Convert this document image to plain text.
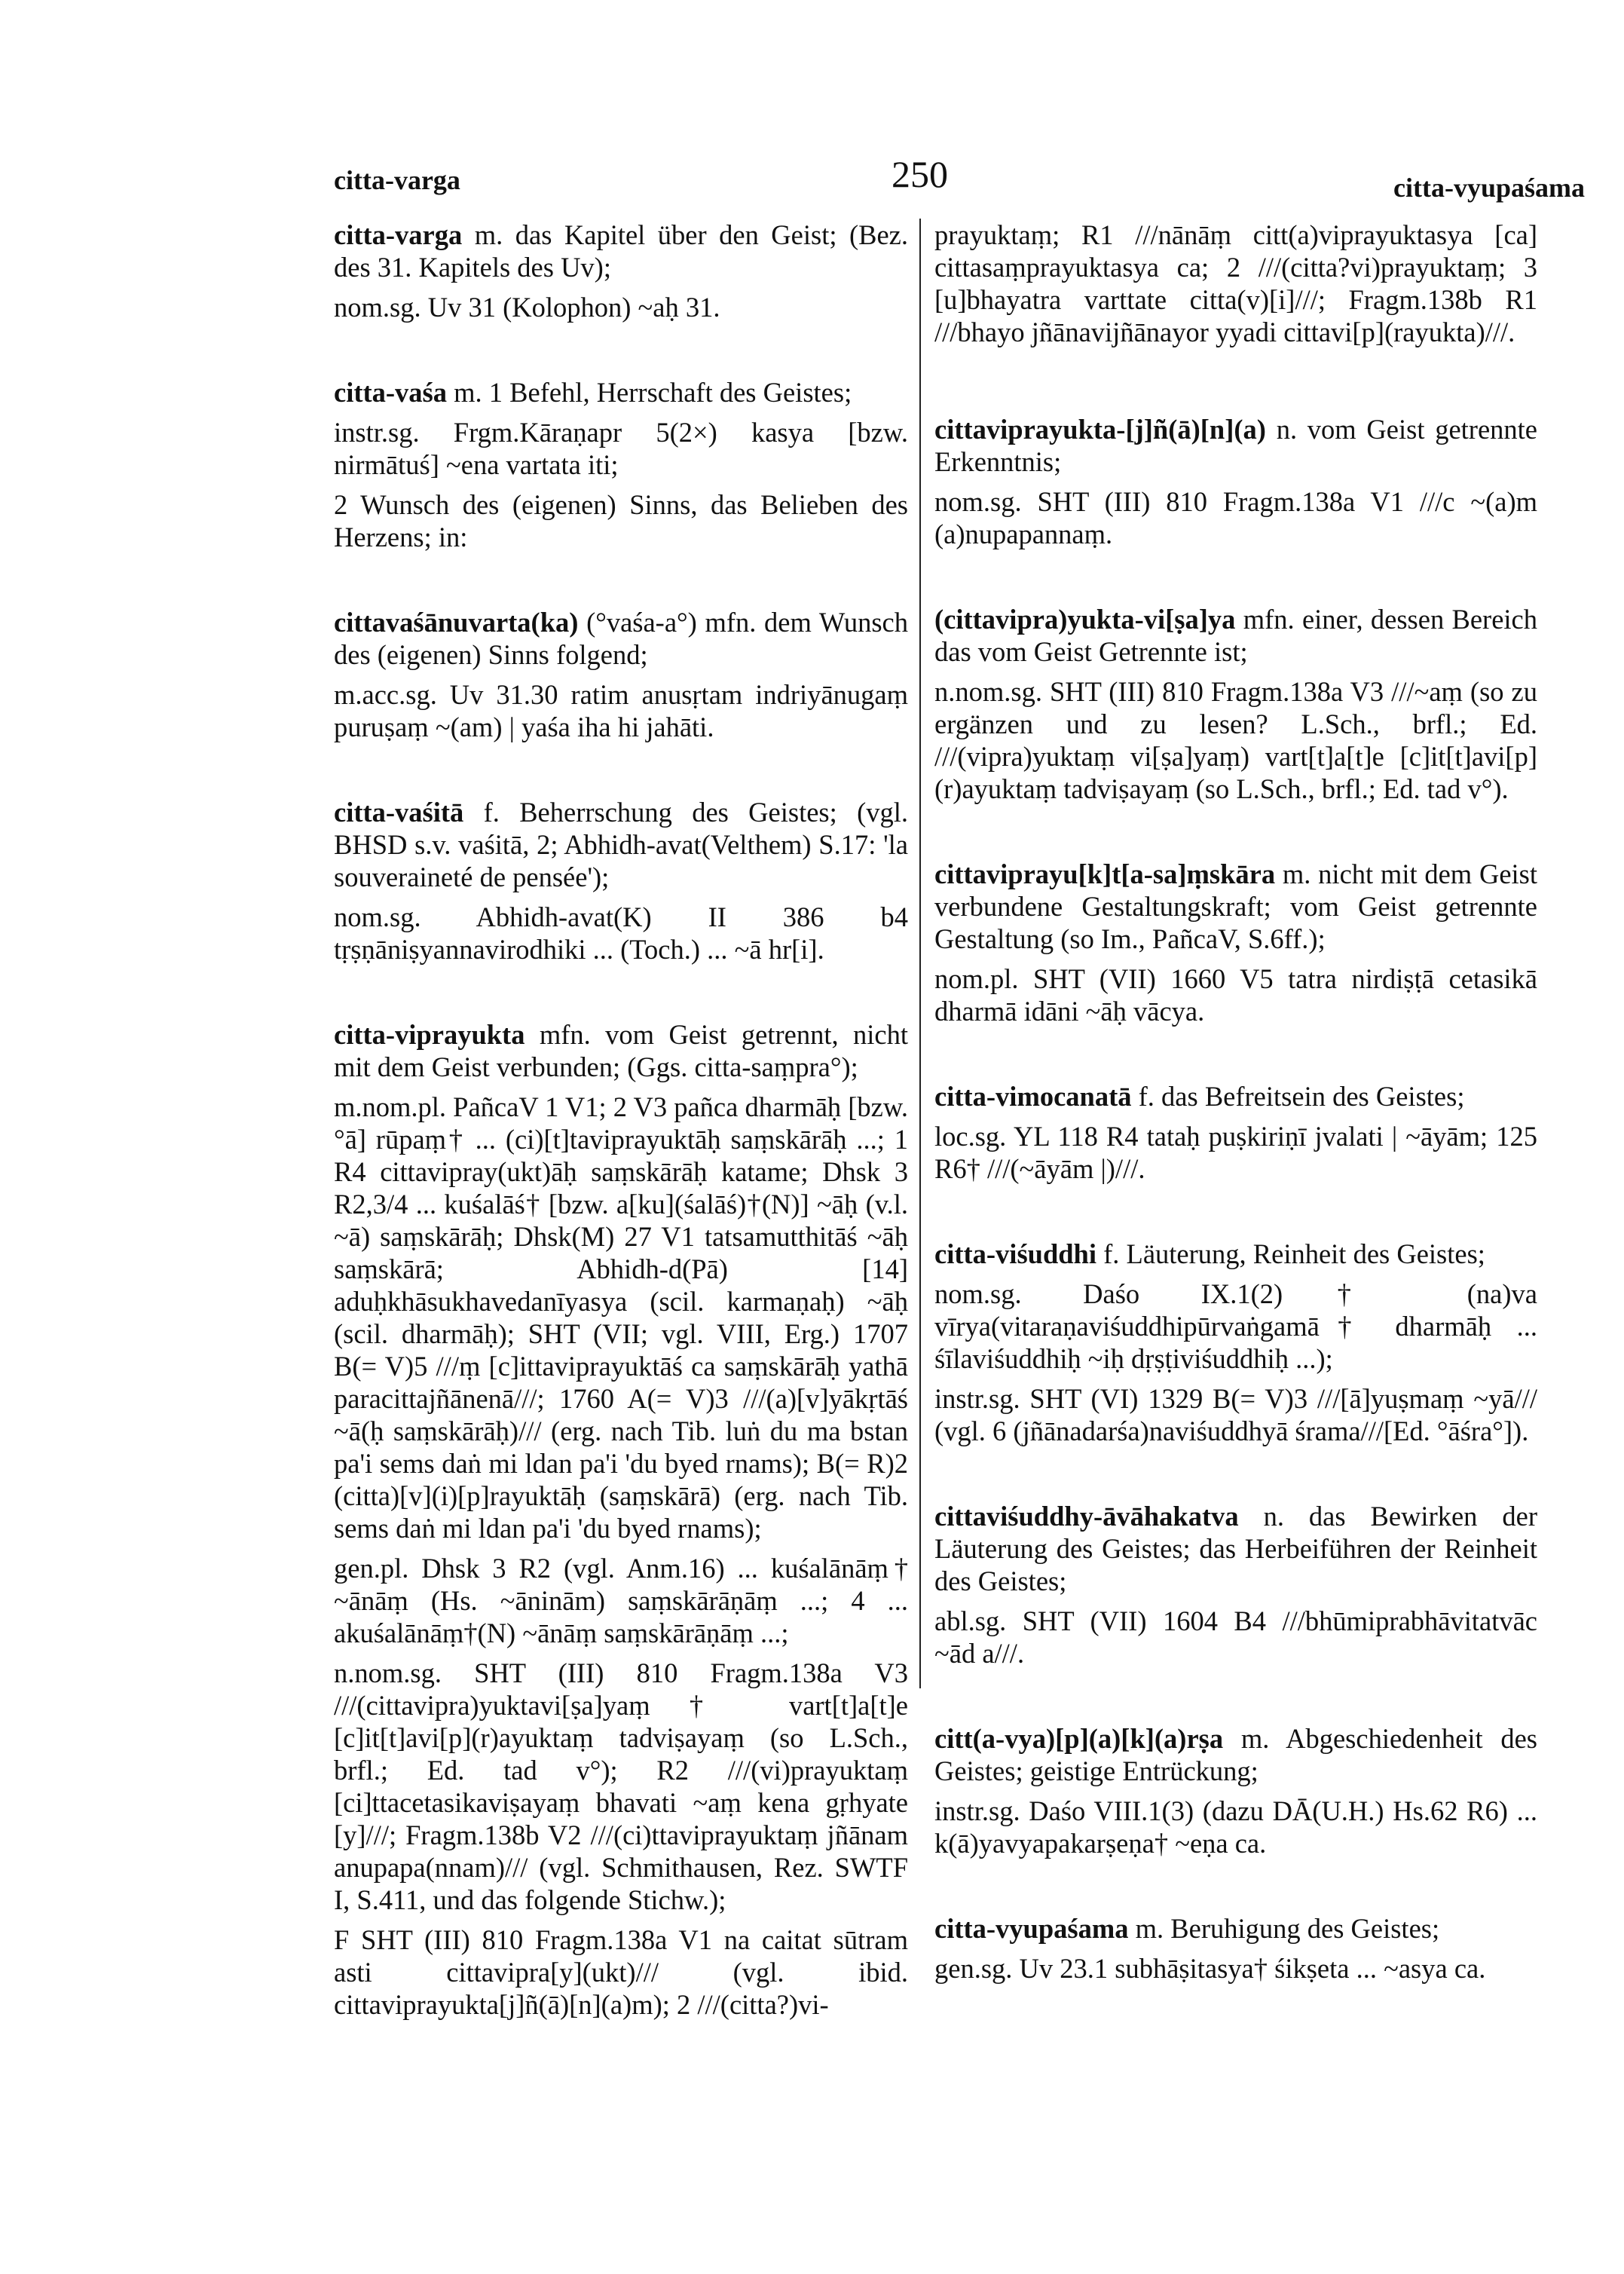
citta-varga	250	citta-vyupaśama

citta-varga m. das Kapitel über den Geist; (Bez. des 31. Kapitels des Uv);

nom.sg. Uv 31 (Kolophon) ~aḥ 31.

citta-vaśa m. 1 Befehl, Herrschaft des Geistes;

instr.sg. Frgm.Kāraṇapr 5(2×) kasya [bzw. nirmātuś] ~ena vartata iti;

2 Wunsch des (eigenen) Sinns, das Belieben des Herzens; in:

cittavaśānuvarta(ka) (°vaśa-a°) mfn. dem Wunsch des (eigenen) Sinns folgend;

m.acc.sg. Uv 31.30 ratim anusṛtam indriyānugaṃ puruṣaṃ ~(am) | yaśa iha hi jahāti.

citta-vaśitā f. Beherrschung des Geistes; (vgl. BHSD s.v. vaśitā, 2; Abhidh-avat(Velthem) S.17: 'la souveraineté de pensée');

nom.sg. Abhidh-avat(K) II 386 b4 tṛṣṇāniṣyannavirodhiki ... (Toch.) ... ~ā hr[i].

citta-viprayukta mfn. vom Geist getrennt, nicht mit dem Geist verbunden; (Ggs. citta-saṃpra°);

m.nom.pl. PañcaV 1 V1; 2 V3 pañca dharmāḥ [bzw. °ā] rūpaṃ† ... (ci)[t]taviprayuktāḥ saṃskārāḥ ...; 1 R4 cittavipray(ukt)āḥ saṃskārāḥ katame; Dhsk 3 R2,3/4 ... kuśalāś† [bzw. a[ku](śalāś)†(N)] ~āḥ (v.l. ~ā) saṃskārāḥ; Dhsk(M) 27 V1 tatsamutthitāś ~āḥ saṃskārā; Abhidh-d(Pā) [14] aduḥkhāsukhavedanīyasya (scil. karmaṇaḥ) ~āḥ (scil. dharmāḥ); SHT (VII; vgl. VIII, Erg.) 1707 B(= V)5 ///ṃ [c]ittaviprayuktāś ca saṃskārāḥ yathā paracittajñānenā///; 1760 A(= V)3 ///(a)[v]yākṛtāś ~ā(ḥ saṃskārāḥ)/// (erg. nach Tib. luṅ du ma bstan pa'i sems daṅ mi ldan pa'i 'du byed rnams); B(= R)2 (citta)[v](i)[p]rayuktāḥ (saṃskārā) (erg. nach Tib. sems daṅ mi ldan pa'i 'du byed rnams);

gen.pl. Dhsk 3 R2 (vgl. Anm.16) ... kuśalānāṃ† ~ānāṃ (Hs. ~āninām) saṃskārāṇāṃ ...; 4 ... akuśalānāṃ†(N) ~ānāṃ saṃskārāṇāṃ ...;

n.nom.sg. SHT (III) 810 Fragm.138a V3 ///(cittavipra)yuktavi[ṣa]yaṃ† vart[t]a[t]e [c]it[t]avi[p](r)ayuktaṃ tadviṣayaṃ (so L.Sch., brfl.; Ed. tad v°); R2 ///(vi)prayuktaṃ [ci]ttacetasikaviṣayaṃ bhavati ~aṃ kena gṛhyate [y]///; Fragm.138b V2 ///(ci)ttaviprayuktaṃ jñānam anupapa(nnam)/// (vgl. Schmithausen, Rez. SWTF I, S.411, und das folgende Stichw.);

F SHT (III) 810 Fragm.138a V1 na caitat sūtram asti cittavipra[y](ukt)/// (vgl. ibid. cittaviprayukta[j]ñ(ā)[n](a)m); 2 ///(citta?)vi-

prayuktaṃ; R1 ///nānāṃ citt(a)viprayuktasya [ca] cittasaṃprayuktasya ca; 2 ///(citta?vi)prayuktaṃ; 3 [u]bhayatra varttate citta(v)[i]///; Fragm.138b R1 ///bhayo jñānavijñānayor yyadi cittavi[p](rayukta)///.

cittaviprayukta-[j]ñ(ā)[n](a) n. vom Geist getrennte Erkenntnis;

nom.sg. SHT (III) 810 Fragm.138a V1 ///c ~(a)m (a)nupapannaṃ.

(cittavipra)yukta-vi[ṣa]ya mfn. einer, dessen Bereich das vom Geist Getrennte ist;

n.nom.sg. SHT (III) 810 Fragm.138a V3 ///~aṃ (so zu ergänzen und zu lesen? L.Sch., brfl.; Ed. ///(vipra)yuktaṃ vi[ṣa]yaṃ) vart[t]a[t]e [c]it[t]avi[p](r)ayuktaṃ tadviṣayaṃ (so L.Sch., brfl.; Ed. tad v°).

cittaviprayu[k]t[a-sa]ṃskāra m. nicht mit dem Geist verbundene Gestaltungskraft; vom Geist getrennte Gestaltung (so Im., PañcaV, S.6ff.);

nom.pl. SHT (VII) 1660 V5 tatra nirdiṣṭā cetasikā dharmā idāni ~āḥ vācya.

citta-vimocanatā f. das Befreitsein des Geistes;

loc.sg. YL 118 R4 tataḥ puṣkiriṇī jvalati | ~āyām; 125 R6† ///(~āyām |)///.

citta-viśuddhi f. Läuterung, Reinheit des Geistes;

nom.sg. Daśo IX.1(2)† (na)va vīrya(vitaraṇaviśuddhipūrvaṅgamā† dharmāḥ ... śīlaviśuddhiḥ ~iḥ dṛṣṭiviśuddhiḥ ...);

instr.sg. SHT (VI) 1329 B(= V)3 ///[ā]yuṣmaṃ ~yā/// (vgl. 6 (jñānadarśa)naviśuddhyā śrama///[Ed. °āśra°]).

cittaviśuddhy-āvāhakatva n. das Bewirken der Läuterung des Geistes; das Herbeiführen der Reinheit des Geistes;

abl.sg. SHT (VII) 1604 B4 ///bhūmiprabhāvitatvāc ~ād a///.

citt(a-vya)[p](a)[k](a)rṣa m. Abgeschiedenheit des Geistes; geistige Entrückung;

instr.sg. Daśo VIII.1(3) (dazu DĀ(U.H.) Hs.62 R6) ... k(ā)yavyapakarṣeṇa† ~eṇa ca.

citta-vyupaśama m. Beruhigung des Geistes;

gen.sg. Uv 23.1 subhāṣitasya† śikṣeta ... ~asya ca.
